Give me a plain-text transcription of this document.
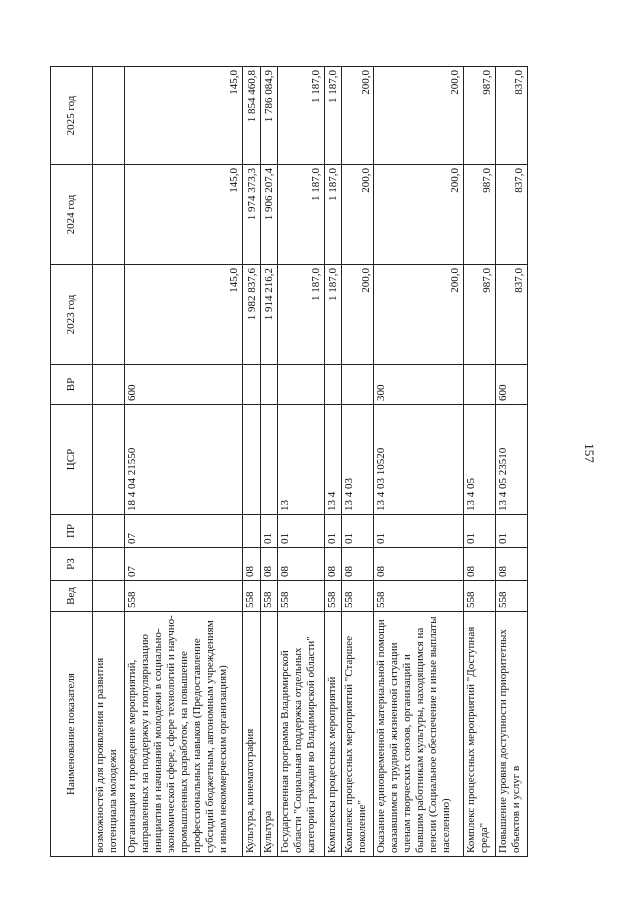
157
Наименование показателя	Вед	РЗ	ПР	ЦСР	ВР	2023 год	2024 год	2025 год
возможностей для проявления и развития потенциала молодежи								
Организация и проведение мероприятий, направленных на поддержку и популяризацию инициатив и начинаний молодежи в социально-экономической сфере, сфере технологий и научно-промышленных разработок, на повышение профессиональных навыков (Предоставление субсидий бюджетным, автономным учреждениям и иным некоммерческим организациям)	558	07	07	18 4 04 21550	600	145,0	145,0	145,0
Культура, кинематография	558	08				1 982 837,6	1 974 373,3	1 854 460,8
Культура	558	08	01			1 914 216,2	1 906 207,4	1 786 084,9
Государственная программа Владимирской области "Социальная поддержка отдельных категорий граждан во Владимирской области"	558	08	01	13		1 187,0	1 187,0	1 187,0
Комплексы процессных мероприятий	558	08	01	13 4		1 187,0	1 187,0	1 187,0
Комплекс процессных мероприятий "Старшее поколение"	558	08	01	13 4 03		200,0	200,0	200,0
Оказание единовременной материальной помощи оказавшимся в трудной жизненной ситуации членам творческих союзов, организаций и бывшим работникам культуры, находящимся на пенсии (Социальное обеспечение и иные выплаты населению)	558	08	01	13 4 03 10520	300	200,0	200,0	200,0
Комплекс процессных мероприятий "Доступная среда"	558	08	01	13 4 05		987,0	987,0	987,0
Повышение уровня доступности приоритетных объектов и услуг в	558	08	01	13 4 05 23510	600	837,0	837,0	837,0
